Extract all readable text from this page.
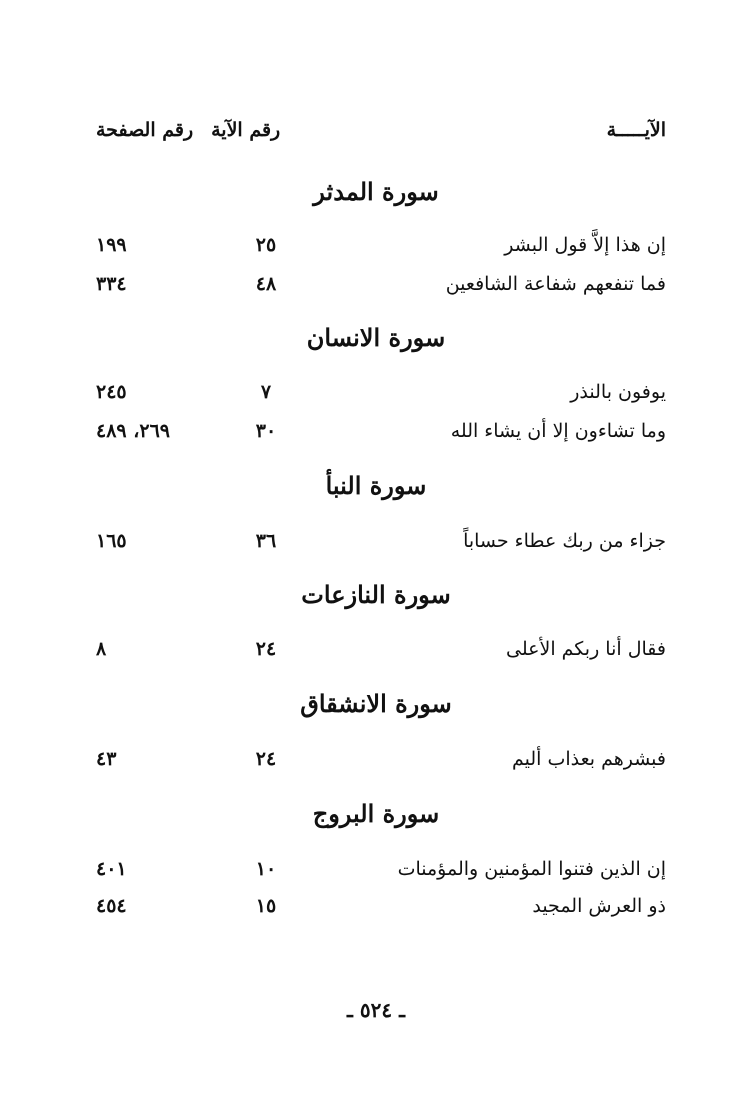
الآيـــــة
رقم الآية
رقم الصفحة
سورة المدثر
إن هذا إلاَّ قول البشر
٢٥
١٩٩
فما تنفعهم شفاعة الشافعين
٤٨
٣٣٤
سورة الانسان
يوفون بالنذر
٧
٢٤٥
وما تشاءون إلا أن يشاء الله
٣٠
٢٦٩، ٤٨٩
سورة النبأ
جزاء من ربك عطاء حساباً
٣٦
١٦٥
سورة النازعات
فقال أنا ربكم الأعلى
٢٤
٨
سورة الانشقاق
فبشرهم بعذاب أليم
٢٤
٤٣
سورة البروج
إن الذين فتنوا المؤمنين والمؤمنات
١٠
٤٠١
ذو العرش المجيد
١٥
٤٥٤
ـ ٥٢٤ ـ
